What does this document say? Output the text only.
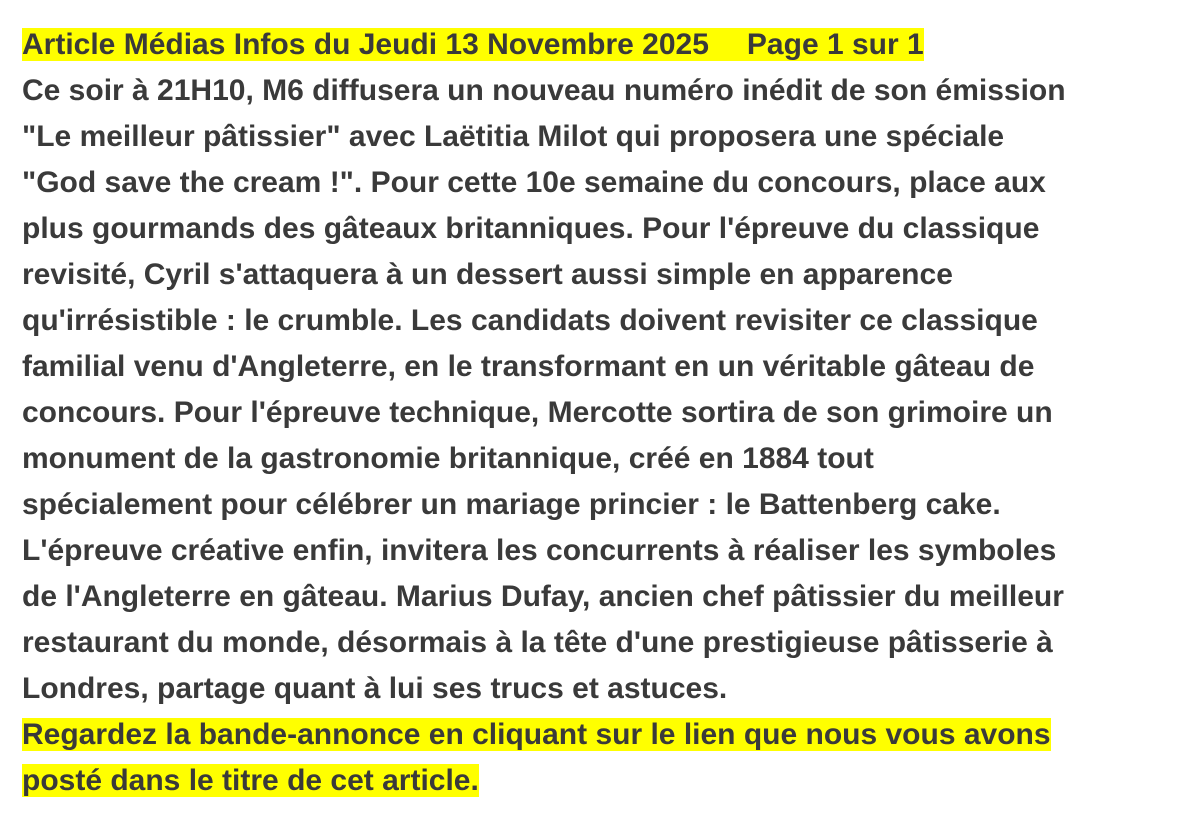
Article Médias Infos du Jeudi 13 Novembre 2025 Page 1 sur 1
Ce soir à 21H10, M6 diffusera un nouveau numéro inédit de son émission
"Le meilleur pâtissier" avec Laëtitia Milot qui proposera une spéciale
"God save the cream !". Pour cette 10e semaine du concours, place aux
plus gourmands des gâteaux britanniques. Pour l'épreuve du classique
revisité, Cyril s'attaquera à un dessert aussi simple en apparence
qu'irrésistible : le crumble. Les candidats doivent revisiter ce classique
familial venu d'Angleterre, en le transformant en un véritable gâteau de
concours. Pour l'épreuve technique, Mercotte sortira de son grimoire un
monument de la gastronomie britannique, créé en 1884 tout
spécialement pour célébrer un mariage princier : le Battenberg cake.
L'épreuve créative enfin, invitera les concurrents à réaliser les symboles
de l'Angleterre en gâteau. Marius Dufay, ancien chef pâtissier du meilleur
restaurant du monde, désormais à la tête d'une prestigieuse pâtisserie à
Londres, partage quant à lui ses trucs et astuces.
Regardez la bande-annonce en cliquant sur le lien que nous vous avons
posté dans le titre de cet article.
